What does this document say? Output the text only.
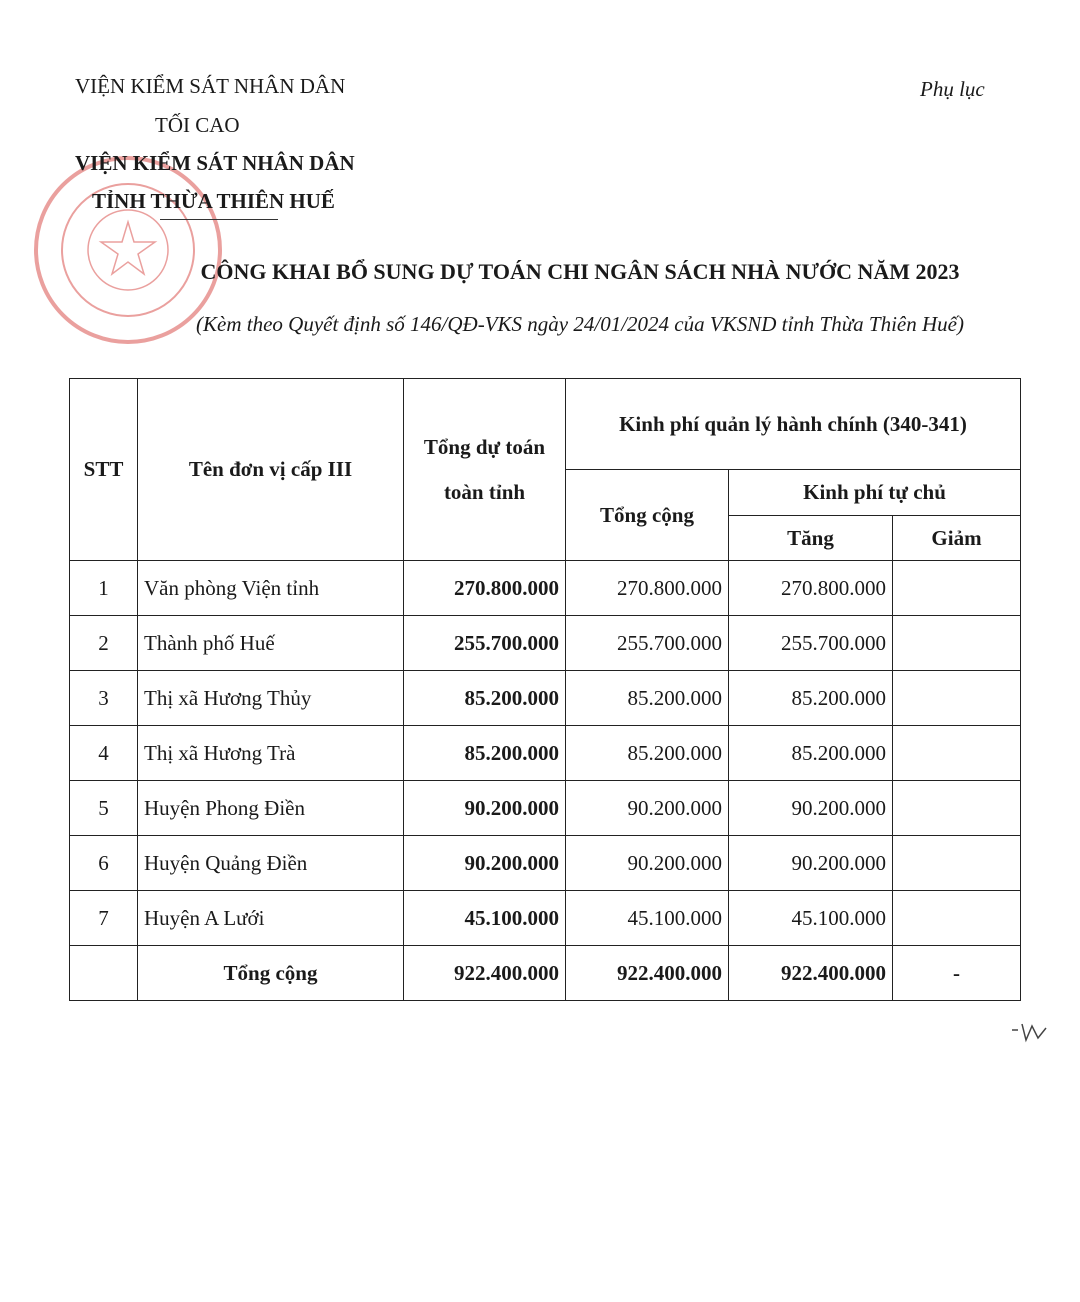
VIỆN KIỂM SÁT NHÂN DÂN
TỐI CAO
VIỆN KIỂM SÁT NHÂN DÂN
TỈNH THỪA THIÊN HUẾ
Phụ lục
CÔNG KHAI BỔ SUNG DỰ TOÁN CHI NGÂN SÁCH NHÀ NƯỚC NĂM 2023
(Kèm theo Quyết định số 146/QĐ-VKS ngày 24/01/2024 của VKSND tỉnh Thừa Thiên Huế)
STT	Tên đơn vị cấp III	Tổng dự toán toàn tỉnh	Kinh phí quản lý hành chính (340-341)		
			Tổng cộng	Kinh phí tự chủ	
				Tăng	Giảm
1	Văn phòng Viện tỉnh	270.800.000	270.800.000	270.800.000	
2	Thành phố Huế	255.700.000	255.700.000	255.700.000	
3	Thị xã Hương Thủy	85.200.000	85.200.000	85.200.000	
4	Thị xã Hương Trà	85.200.000	85.200.000	85.200.000	
5	Huyện Phong Điền	90.200.000	90.200.000	90.200.000	
6	Huyện Quảng Điền	90.200.000	90.200.000	90.200.000	
7	Huyện A Lưới	45.100.000	45.100.000	45.100.000	
	Tổng cộng	922.400.000	922.400.000	922.400.000	-
